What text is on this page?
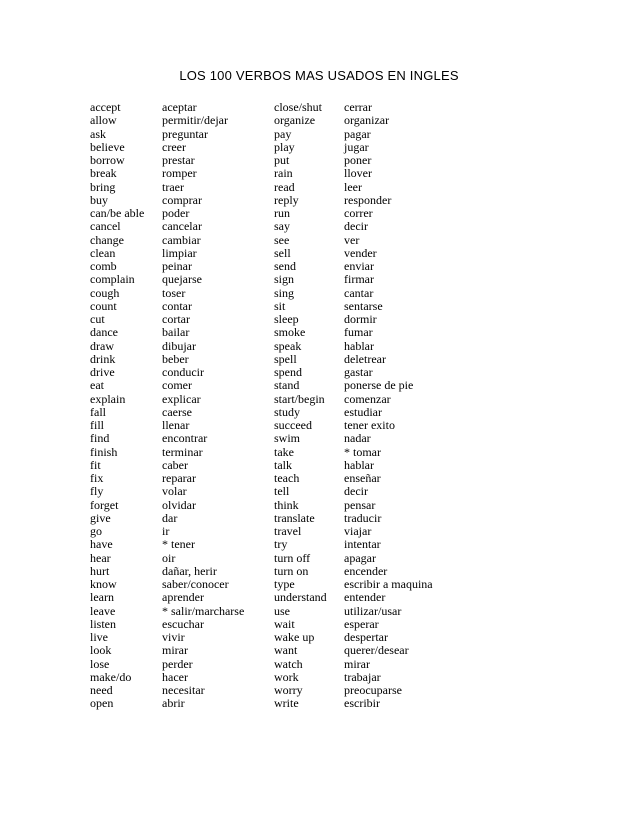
LOS 100 VERBOS MAS USADOS EN INGLES
accept
allow
ask
believe
borrow
break
bring
buy
can/be able
cancel
change
clean
comb
complain
cough
count
cut
dance
draw
drink
drive
eat
explain
fall
fill
find
finish
fit
fix
fly
forget
give
go
have
hear
hurt
know
learn
leave
listen
live
look
lose
make/do
need
open
aceptar
permitir/dejar
preguntar
creer
prestar
romper
traer
comprar
poder
cancelar
cambiar
limpiar
peinar
quejarse
toser
contar
cortar
bailar
dibujar
beber
conducir
comer
explicar
caerse
llenar
encontrar
terminar
caber
reparar
volar
olvidar
dar
ir
* tener
oir
dañar, herir
saber/conocer
aprender
* salir/marcharse
escuchar
vivir
mirar
perder
hacer
necesitar
abrir
close/shut
organize
pay
play
put
rain
read
reply
run
say
see
sell
send
sign
sing
sit
sleep
smoke
speak
spell
spend
stand
start/begin
study
succeed
swim
take
talk
teach
tell
think
translate
travel
try
turn off
turn on
type
understand
use
wait
wake up
want
watch
work
worry
write
cerrar
organizar
pagar
jugar
poner
llover
leer
responder
correr
decir
ver
vender
enviar
firmar
cantar
sentarse
dormir
fumar
hablar
deletrear
gastar
ponerse de pie
comenzar
estudiar
tener exito
nadar
* tomar
hablar
enseñar
decir
pensar
traducir
viajar
intentar
apagar
encender
escribir a maquina
entender
utilizar/usar
esperar
despertar
querer/desear
mirar
trabajar
preocuparse
escribir
